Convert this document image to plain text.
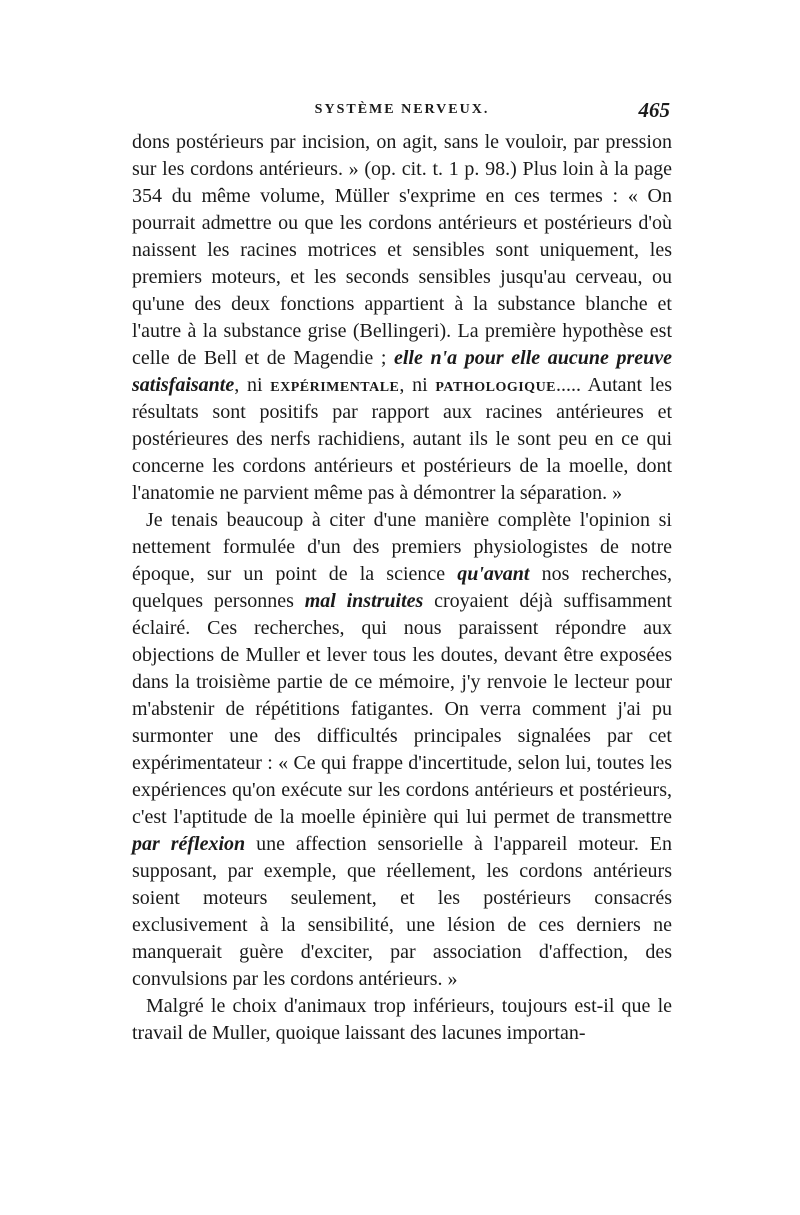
SYSTÈME NERVEUX.	465

dons postérieurs par incision, on agit, sans le vouloir, par pression sur les cordons antérieurs. » (op. cit. t. 1 p. 98.) Plus loin à la page 354 du même volume, Müller s'exprime en ces termes : « On pourrait admettre ou que les cordons antérieurs et postérieurs d'où naissent les racines motrices et sensibles sont uniquement, les premiers moteurs, et les seconds sensibles jusqu'au cerveau, ou qu'une des deux fonctions appartient à la substance blanche et l'autre à la substance grise (Bellingeri). La première hypothèse est celle de Bell et de Magendie ; elle n'a pour elle aucune preuve satisfaisante, ni expérimentale, ni pathologique..... Autant les résultats sont positifs par rapport aux racines antérieures et postérieures des nerfs rachidiens, autant ils le sont peu en ce qui concerne les cordons antérieurs et postérieurs de la moelle, dont l'anatomie ne parvient même pas à démontrer la séparation. »

Je tenais beaucoup à citer d'une manière complète l'opinion si nettement formulée d'un des premiers physiologistes de notre époque, sur un point de la science qu'avant nos recherches, quelques personnes mal instruites croyaient déjà suffisamment éclairé. Ces recherches, qui nous paraissent répondre aux objections de Muller et lever tous les doutes, devant être exposées dans la troisième partie de ce mémoire, j'y renvoie le lecteur pour m'abstenir de répétitions fatigantes. On verra comment j'ai pu surmonter une des difficultés principales signalées par cet expérimentateur : « Ce qui frappe d'incertitude, selon lui, toutes les expériences qu'on exécute sur les cordons antérieurs et postérieurs, c'est l'aptitude de la moelle épinière qui lui permet de transmettre par réflexion une affection sensorielle à l'appareil moteur. En supposant, par exemple, que réellement, les cordons antérieurs soient moteurs seulement, et les postérieurs consacrés exclusivement à la sensibilité, une lésion de ces derniers ne manquerait guère d'exciter, par association d'affection, des convulsions par les cordons antérieurs. »

Malgré le choix d'animaux trop inférieurs, toujours est-il que le travail de Muller, quoique laissant des lacunes importan-
